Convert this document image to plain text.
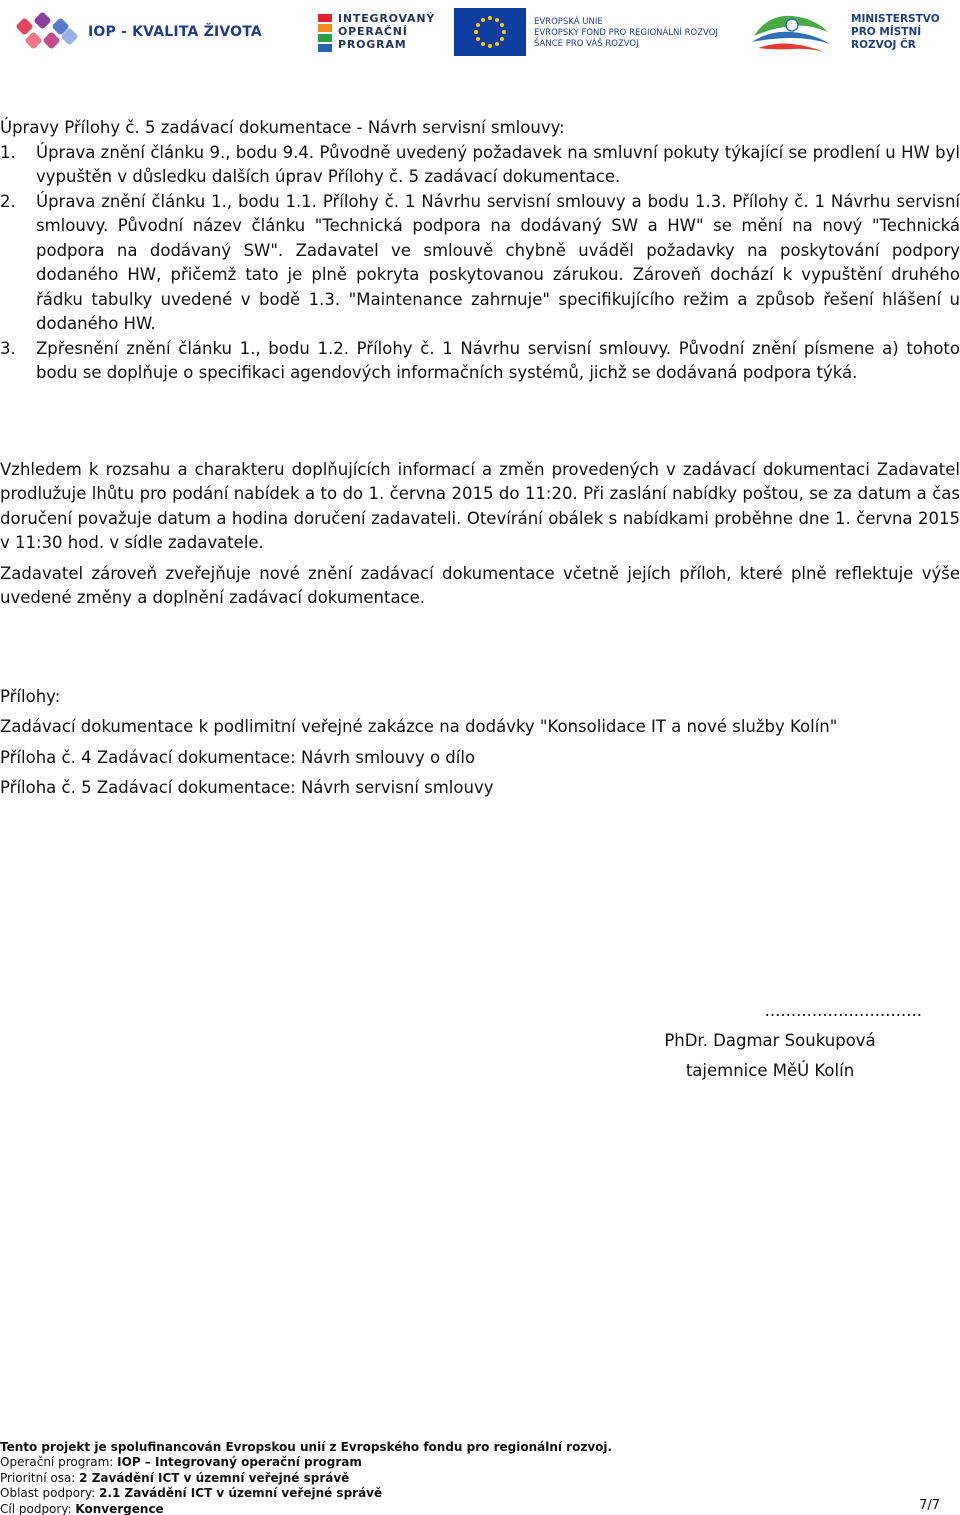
IOP - KVALITA ŽIVOTA
INTEGROVANÝ
OPERAČNÍ
PROGRAM
EVROPSKÁ UNIE
EVROPSKÝ FOND PRO REGIONÁLNÍ ROZVOJ
ŠANCE PRO VÁŠ ROZVOJ
MINISTERSTVO
PRO MÍSTNÍ
ROZVOJ ČR
Úpravy Přílohy č. 5 zadávací dokumentace - Návrh servisní smlouvy:
1. Úprava znění článku 9., bodu 9.4. Původně uvedený požadavek na smluvní pokuty týkající se prodlení u HW byl vypuštěn v důsledku dalších úprav Přílohy č. 5 zadávací dokumentace.
2. Úprava znění článku 1., bodu 1.1. Přílohy č. 1 Návrhu servisní smlouvy a bodu 1.3. Přílohy č. 1 Návrhu servisní smlouvy. Původní název článku "Technická podpora na dodávaný SW a HW" se mění na nový "Technická podpora na dodávaný SW". Zadavatel ve smlouvě chybně uváděl požadavky na poskytování podpory dodaného HW, přičemž tato je plně pokryta poskytovanou zárukou. Zároveň dochází k vypuštění druhého řádku tabulky uvedené v bodě 1.3. "Maintenance zahrnuje" specifikujícího režim a způsob řešení hlášení u dodaného HW.
3. Zpřesnění znění článku 1., bodu 1.2. Přílohy č. 1 Návrhu servisní smlouvy. Původní znění písmene a) tohoto bodu se doplňuje o specifikaci agendových informačních systémů, jichž se dodávaná podpora týká.
Vzhledem k rozsahu a charakteru doplňujících informací a změn provedených v zadávací dokumentaci Zadavatel prodlužuje lhůtu pro podání nabídek a to do 1. června 2015 do 11:20. Při zaslání nabídky poštou, se za datum a čas doručení považuje datum a hodina doručení zadavateli. Otevírání obálek s nabídkami proběhne dne 1. června 2015 v 11:30 hod. v sídle zadavatele.
Zadavatel zároveň zveřejňuje nové znění zadávací dokumentace včetně jejích příloh, které plně reflektuje výše uvedené změny a doplnění zadávací dokumentace.
Přílohy:
Zadávací dokumentace k podlimitní veřejné zakázce na dodávky "Konsolidace IT a nové služby Kolín"
Příloha č. 4 Zadávací dokumentace: Návrh smlouvy o dílo
Příloha č. 5 Zadávací dokumentace: Návrh servisní smlouvy
..............................
PhDr. Dagmar Soukupová
tajemnice MěÚ Kolín
Tento projekt je spolufinancován Evropskou unií z Evropského fondu pro regionální rozvoj.
Operační program: IOP – Integrovaný operační program
Prioritní osa: 2 Zavádění ICT v územní veřejné správě
Oblast podpory: 2.1 Zavádění ICT v územní veřejné správě
Cíl podpory: Konvergence	7/7
